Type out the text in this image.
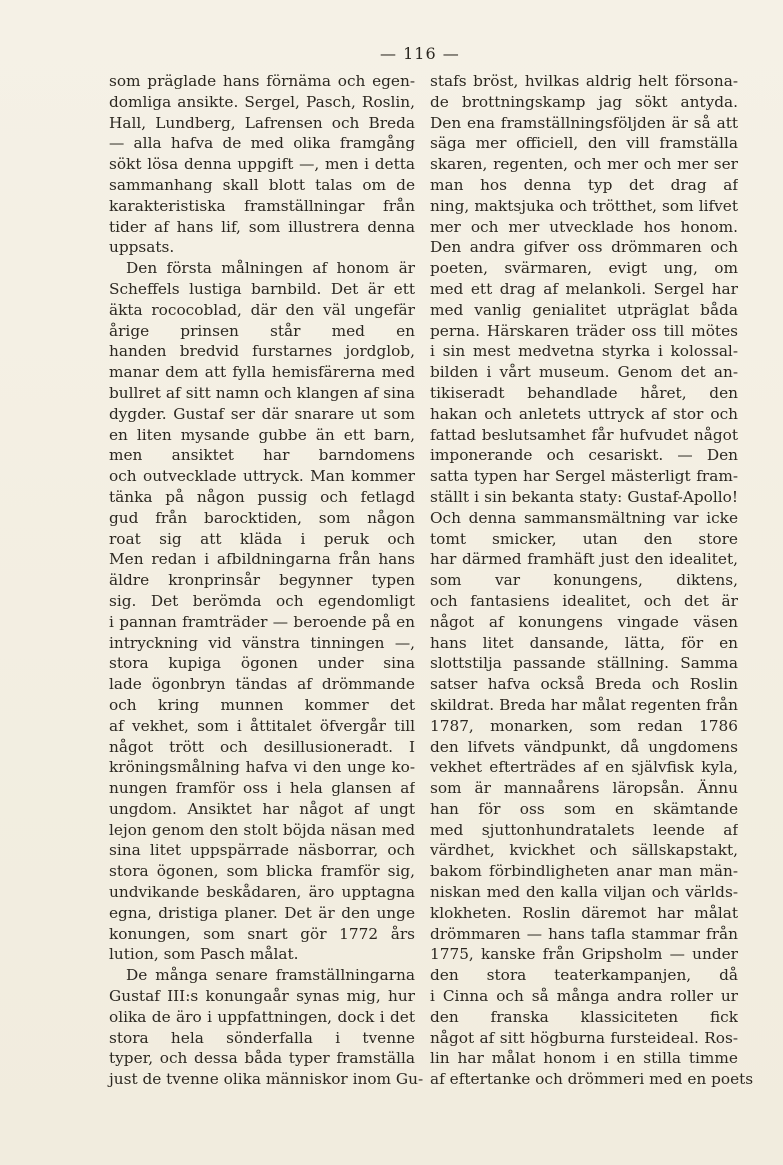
— 116 —
som präglade hans förnäma och egen-
domliga ansikte. Sergel, Pasch, Roslin,
Hall, Lundberg, Lafrensen och Breda
— alla hafva de med olika framgång
sökt lösa denna uppgift —, men i detta
sammanhang skall blott talas om de
karakteristiska framställningar från
tider af hans lif, som illustrera denna
uppsats.
Den första målningen af honom är
Scheffels lustiga barnbild. Det är ett
äkta rococoblad, där den väl ungefär
årige prinsen står med en
handen bredvid furstarnes jordglob,
manar dem att fylla hemisfärerna med
bullret af sitt namn och klangen af sina
dygder. Gustaf ser där snarare ut som
en liten mysande gubbe än ett barn,
men ansiktet har barndomens
och outvecklade uttryck. Man kommer
tänka på någon pussig och fetlagd
gud från barocktiden, som någon
roat sig att kläda i peruk och
Men redan i afbildningarna från hans
äldre kronprinsår begynner typen
sig. Det berömda och egendomligt
i pannan framträder — beroende på en
intryckning vid vänstra tinningen —,
stora kupiga ögonen under sina
lade ögonbryn tändas af drömmande
och kring munnen kommer det
af vekhet, som i åttitalet öfvergår till
något trött och desillusioneradt. I
kröningsmålning hafva vi den unge ko-
nungen framför oss i hela glansen af
ungdom. Ansiktet har något af ungt
lejon genom den stolt böjda näsan med
sina litet uppspärrade näsborrar, och
stora ögonen, som blicka framför sig,
undvikande beskådaren, äro upptagna
egna, dristiga planer. Det är den unge
konungen, som snart gör 1772 års
lution, som Pasch målat.
De många senare framställningarna
Gustaf III:s konungaår synas mig, hur
olika de äro i uppfattningen, dock i det
stora hela sönderfalla i tvenne
typer, och dessa båda typer framställa
just de tvenne olika människor inom Gu-
stafs bröst, hvilkas aldrig helt försona-
de brottningskamp jag sökt antyda.
Den ena framställningsföljden är så att
säga mer officiell, den vill framställa
skaren, regenten, och mer och mer ser
man hos denna typ det drag af
ning, maktsjuka och trötthet, som lifvet
mer och mer utvecklade hos honom.
Den andra gifver oss drömmaren och
poeten, svärmaren, evigt ung, om
med ett drag af melankoli. Sergel har
med vanlig genialitet utpräglat båda
perna. Härskaren träder oss till mötes
i sin mest medvetna styrka i kolossal-
bilden i vårt museum. Genom det an-
tikiseradt behandlade håret, den
hakan och anletets uttryck af stor och
fattad beslutsamhet får hufvudet något
imponerande och cesariskt. — Den
satta typen har Sergel mästerligt fram-
ställt i sin bekanta staty: Gustaf-Apollo!
Och denna sammansmältning var icke
tomt smicker, utan den store
har därmed framhäft just den idealitet,
som var konungens, diktens,
och fantasiens idealitet, och det är
något af konungens vingade väsen
hans litet dansande, lätta, för en
slottstilja passande ställning. Samma
satser hafva också Breda och Roslin
skildrat. Breda har målat regenten från
1787, monarken, som redan 1786
den lifvets vändpunkt, då ungdomens
vekhet efterträdes af en självfisk kyla,
som är mannaårens läropsån. Ännu
han för oss som en skämtande
med sjuttonhundratalets leende af
värdhet, kvickhet och sällskapstakt,
bakom förbindligheten anar man män-
niskan med den kalla viljan och världs-
klokheten. Roslin däremot har målat
drömmaren — hans tafla stammar från
1775, kanske från Gripsholm — under
den stora teaterkampanjen, då
i Cinna och så många andra roller ur
den franska klassiciteten fick
något af sitt högburna fursteideal. Ros-
lin har målat honom i en stilla timme
af eftertanke och drömmeri med en poets
